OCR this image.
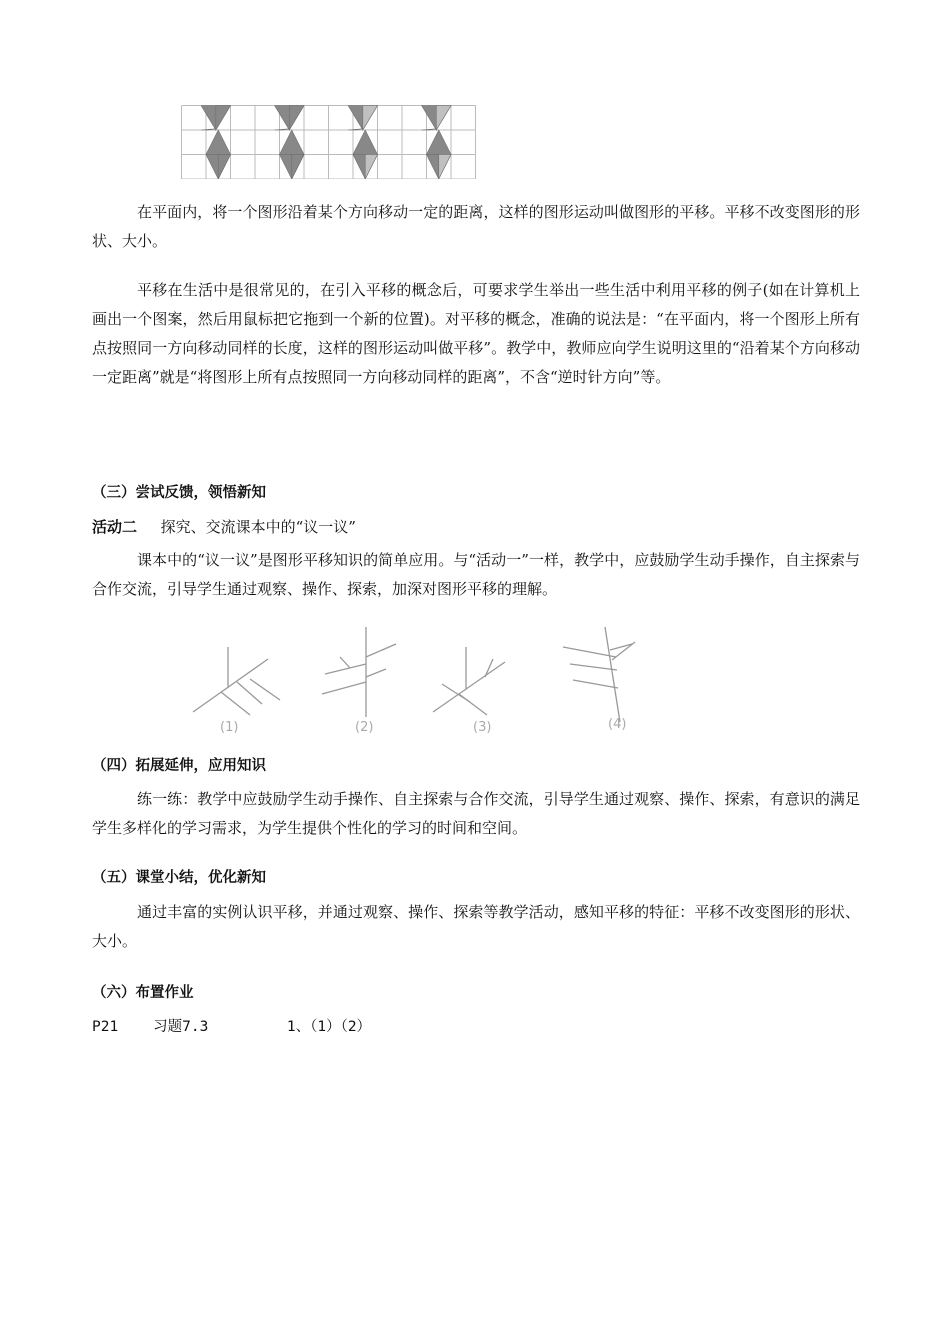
在平面内，将一个图形沿着某个方向移动一定的距离，这样的图形运动叫做图形的平移。平移不改变图形的形状、大小。

平移在生活中是很常见的，在引入平移的概念后，可要求学生举出一些生活中利用平移的例子(如在计算机上画出一个图案，然后用鼠标把它拖到一个新的位置)。对平移的概念，准确的说法是：“在平面内，将一个图形上所有点按照同一方向移动同样的长度，这样的图形运动叫做平移”。教学中，教师应向学生说明这里的“沿着某个方向移动一定距离”就是“将图形上所有点按照同一方向移动同样的距离”，不含“逆时针方向”等。

（三）尝试反馈，领悟新知

活动二 探究、交流课本中的“议一议”

课本中的“议一议”是图形平移知识的简单应用。与“活动一”一样，教学中，应鼓励学生动手操作，自主探索与合作交流，引导学生通过观察、操作、探索，加深对图形平移的理解。

(1)	(2)	(3)	(4)

（四）拓展延伸，应用知识

练一练：教学中应鼓励学生动手操作、自主探索与合作交流，引导学生通过观察、操作、探索，有意识的满足学生多样化的学习需求，为学生提供个性化的学习的时间和空间。

（五）课堂小结，优化新知

通过丰富的实例认识平移，并通过观察、操作、探索等教学活动，感知平移的特征：平移不改变图形的形状、大小。

（六）布置作业

P21    习题7.3         1、（1）（2）
